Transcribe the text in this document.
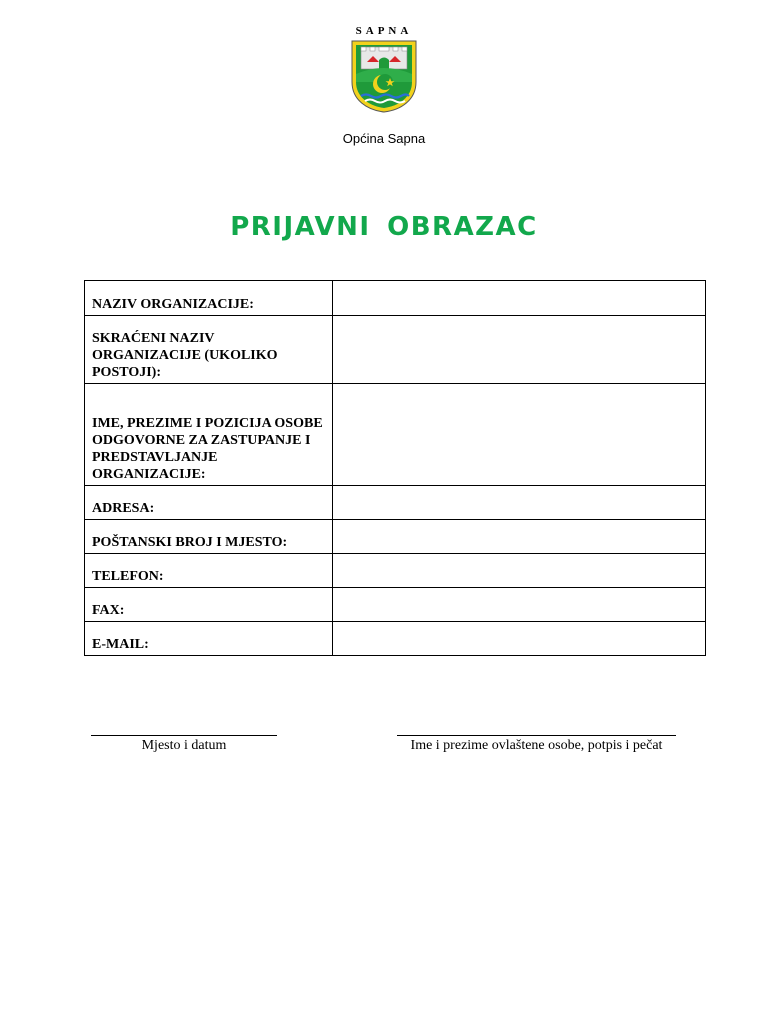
SAPNA
Općina Sapna
PRIJAVNI OBRAZAC
NAZIV ORGANIZACIJE:	
SKRAĆENI NAZIV ORGANIZACIJE (UKOLIKO POSTOJI):	
IME, PREZIME I POZICIJA OSOBE ODGOVORNE ZA ZASTUPANJE I PREDSTAVLJANJE ORGANIZACIJE:	
ADRESA:	
POŠTANSKI BROJ I MJESTO:	
TELEFON:	
FAX:	
E-MAIL:	
Mjesto i datum	Ime i prezime ovlaštene osobe, potpis i pečat
